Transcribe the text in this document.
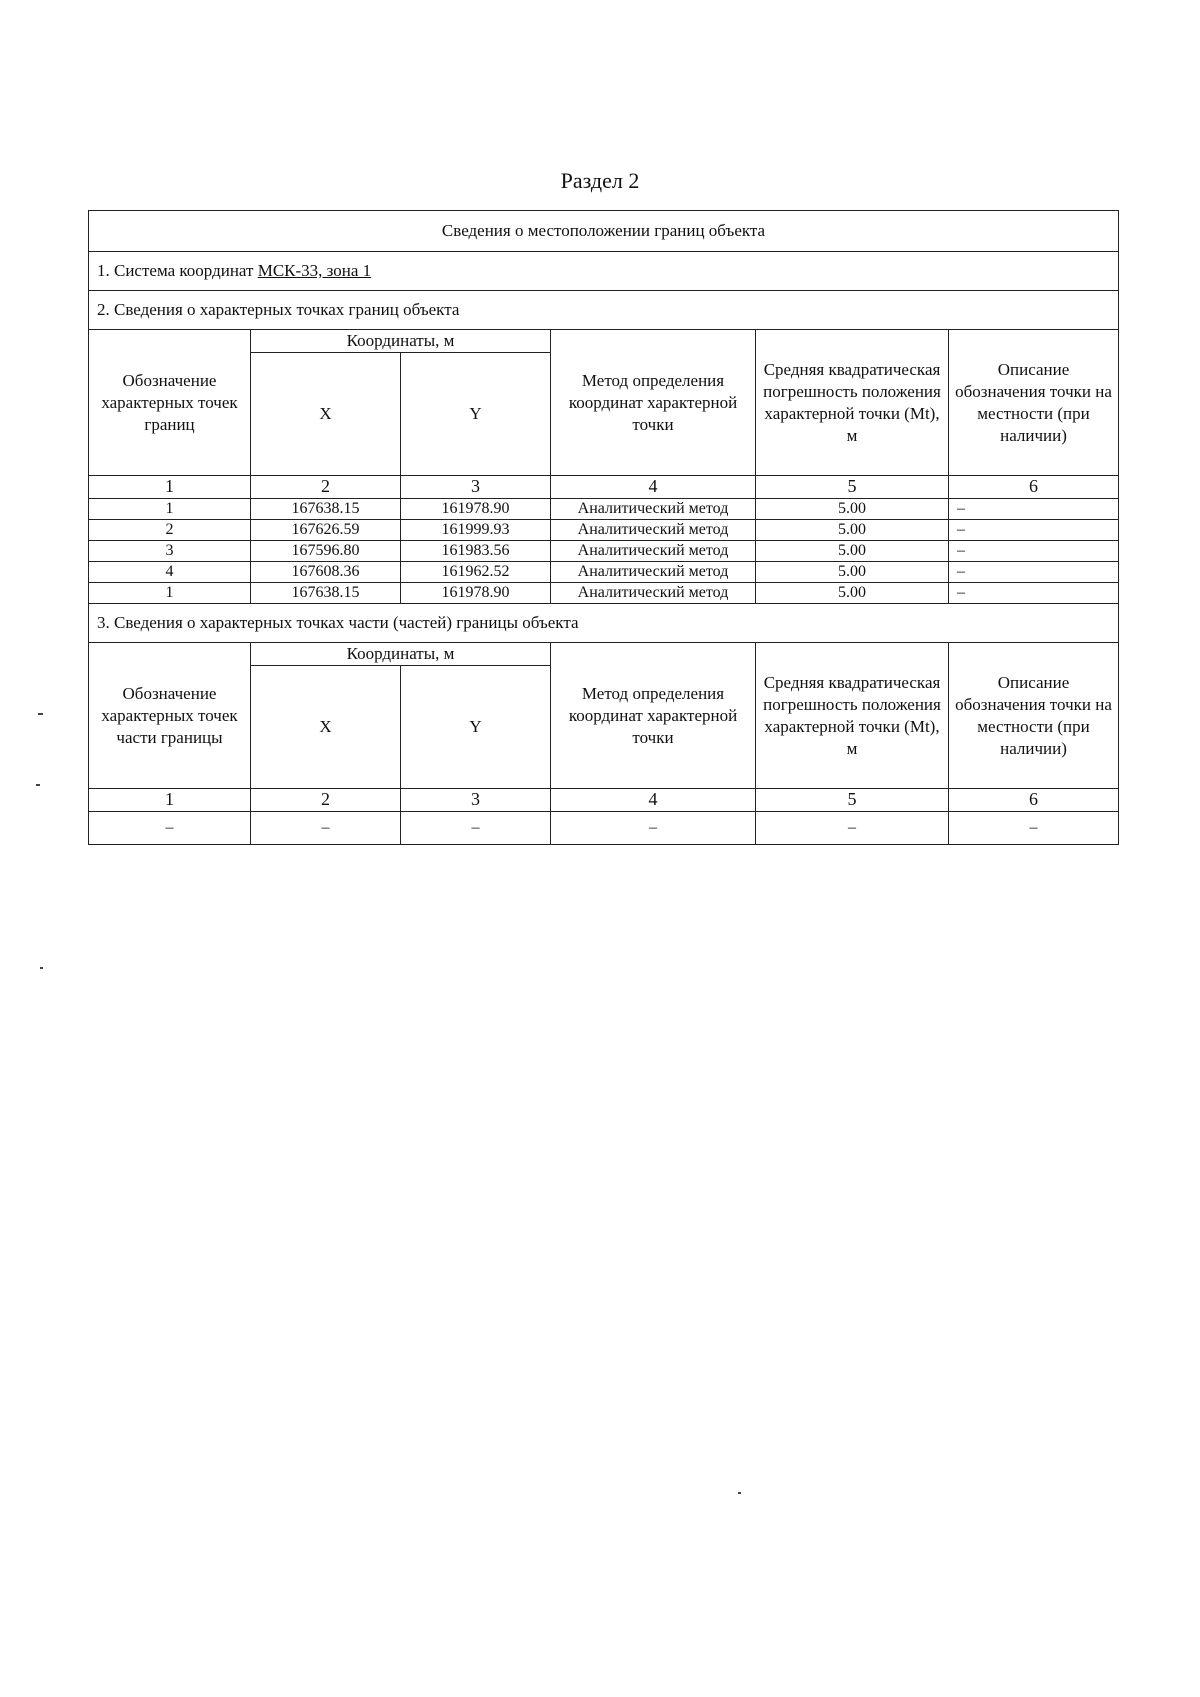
Раздел 2
Сведения о местоположении границ объекта					
1. Система координат МСК-33, зона 1					
2. Сведения о характерных точках границ объекта					
Обозначение характерных точек границ	Координаты, м		Метод определения координат характерной точки	Средняя квадратическая погрешность положения характерной точки (Mt), м	Описание обозначения точки на местности (при наличии)
	X	Y			
1	2	3	4	5	6
1	167638.15	161978.90	Аналитический метод	5.00	–
2	167626.59	161999.93	Аналитический метод	5.00	–
3	167596.80	161983.56	Аналитический метод	5.00	–
4	167608.36	161962.52	Аналитический метод	5.00	–
1	167638.15	161978.90	Аналитический метод	5.00	–
3. Сведения о характерных точках части (частей) границы объекта					
Обозначение характерных точек части границы	Координаты, м		Метод определения координат характерной точки	Средняя квадратическая погрешность положения характерной точки (Mt), м	Описание обозначения точки на местности (при наличии)
	X	Y			
1	2	3	4	5	6
–	–	–	–	–	–
